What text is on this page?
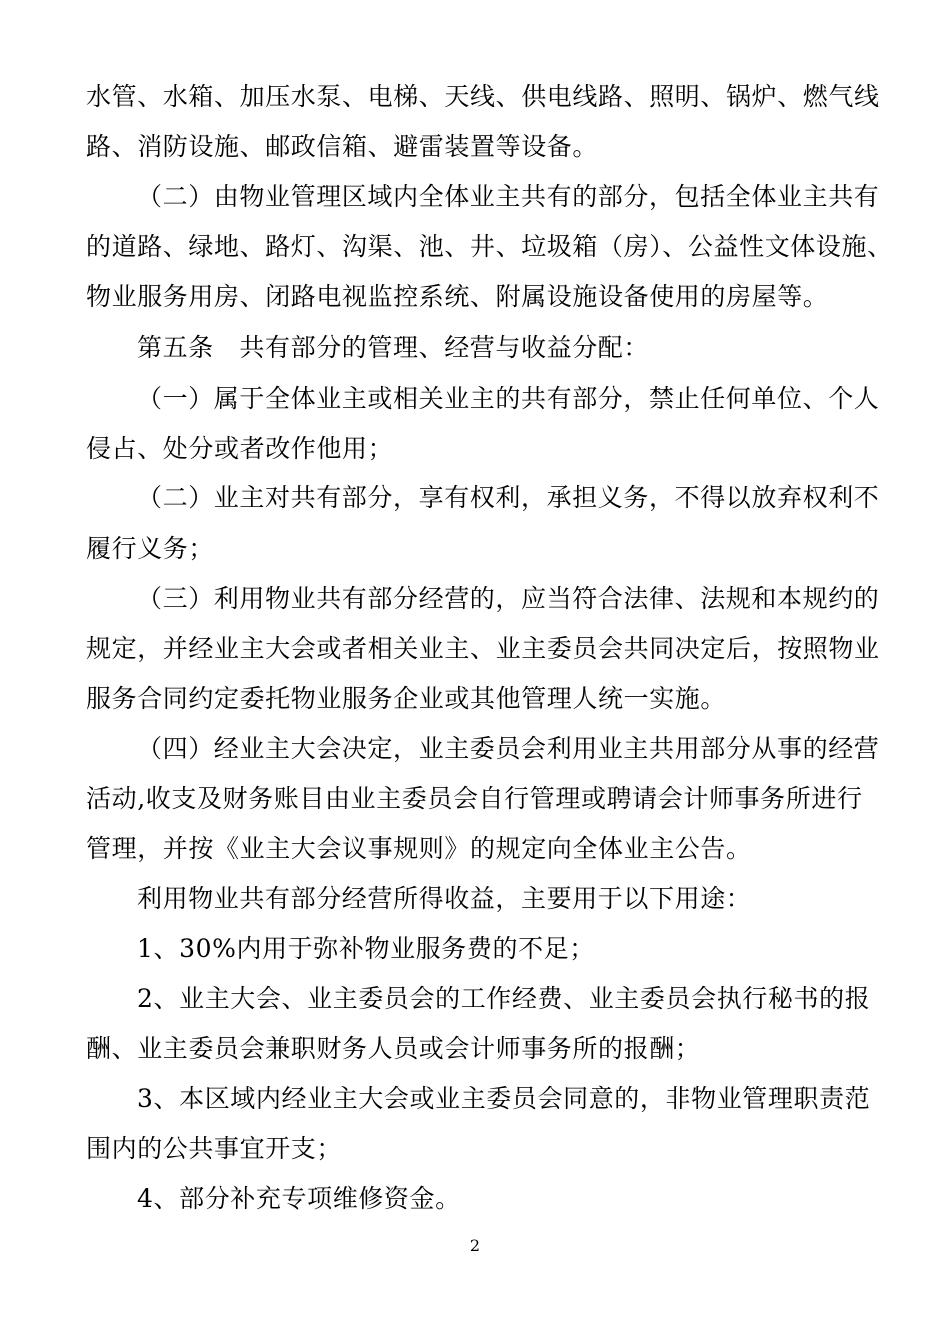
水管、水箱、加压水泵、电梯、天线、供电线路、照明、锅炉、燃气线
路、消防设施、邮政信箱、避雷装置等设备。
（二）由物业管理区域内全体业主共有的部分，包括全体业主共有
的道路、绿地、路灯、沟渠、池、井、垃圾箱（房）、公益性文体设施、
物业服务用房、闭路电视监控系统、附属设施设备使用的房屋等。
第五条　共有部分的管理、经营与收益分配：
（一）属于全体业主或相关业主的共有部分，禁止任何单位、个人
侵占、处分或者改作他用；
（二）业主对共有部分，享有权利，承担义务，不得以放弃权利不
履行义务；
（三）利用物业共有部分经营的，应当符合法律、法规和本规约的
规定，并经业主大会或者相关业主、业主委员会共同决定后，按照物业
服务合同约定委托物业服务企业或其他管理人统一实施。
（四）经业主大会决定，业主委员会利用业主共用部分从事的经营
活动,收支及财务账目由业主委员会自行管理或聘请会计师事务所进行
管理，并按《业主大会议事规则》的规定向全体业主公告。
利用物业共有部分经营所得收益，主要用于以下用途：
1、30%内用于弥补物业服务费的不足；
2、业主大会、业主委员会的工作经费、业主委员会执行秘书的报
酬、业主委员会兼职财务人员或会计师事务所的报酬；
3、本区域内经业主大会或业主委员会同意的，非物业管理职责范
围内的公共事宜开支；
4、部分补充专项维修资金。
2
